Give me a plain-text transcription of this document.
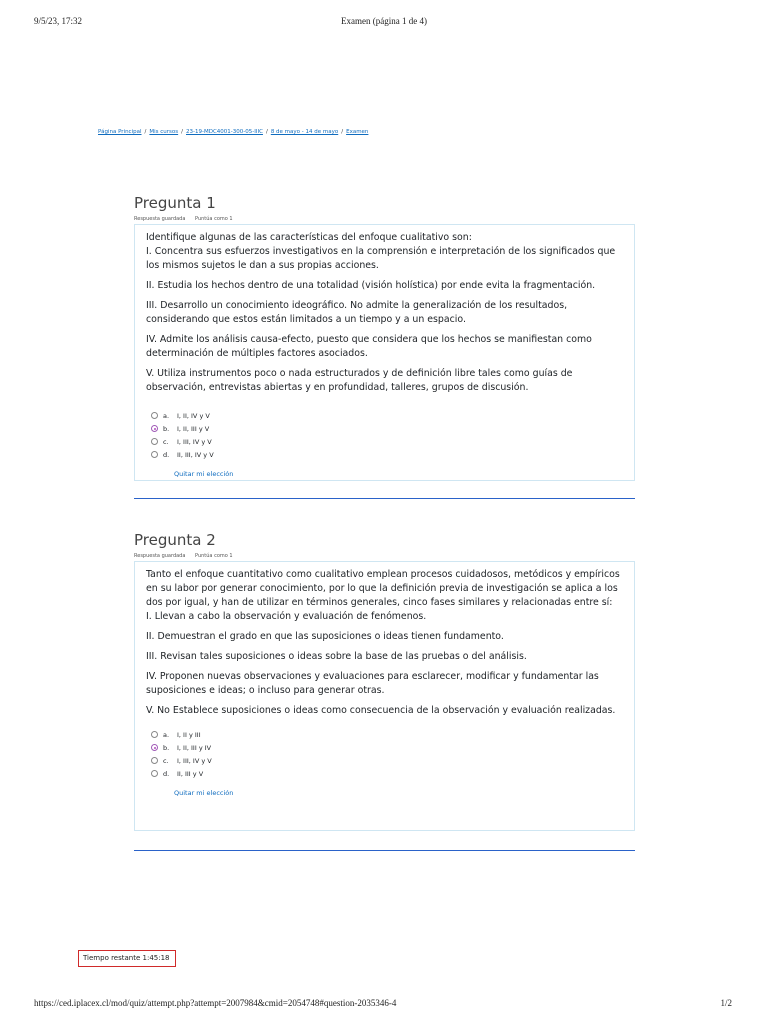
9/5/23, 17:32	Examen (página 1 de 4)
Página Principal / Mis cursos / 23-19-MDC4001-300-05-IIIC / 8 de mayo - 14 de mayo / Examen
Pregunta 1
Respuesta guardada Puntúa como 1

Identifique algunas de las características del enfoque cualitativo son:

I. Concentra sus esfuerzos investigativos en la comprensión e interpretación de los significados que los mismos sujetos le dan a sus propias acciones.

II. Estudia los hechos dentro de una totalidad (visión holística) por ende evita la fragmentación.

III. Desarrollo un conocimiento ideográfico. No admite la generalización de los resultados, considerando que estos están limitados a un tiempo y a un espacio.

IV. Admite los análisis causa-efecto, puesto que considera que los hechos se manifiestan como determinación de múltiples factores asociados.

V. Utiliza instrumentos poco o nada estructurados y de definición libre tales como guías de observación, entrevistas abiertas y en profundidad, talleres, grupos de discusión.

a.	I, II, IV y V
b.	I, II, III y V
c.	I, III, IV y V
d.	II, III, IV y V
Quitar mi elección
Pregunta 2
Respuesta guardada Puntúa como 1

Tanto el enfoque cuantitativo como cualitativo emplean procesos cuidadosos, metódicos y empíricos en su labor por generar conocimiento, por lo que la definición previa de investigación se aplica a los dos por igual, y han de utilizar en términos generales, cinco fases similares y relacionadas entre sí:

I. Llevan a cabo la observación y evaluación de fenómenos.

II. Demuestran el grado en que las suposiciones o ideas tienen fundamento.

III. Revisan tales suposiciones o ideas sobre la base de las pruebas o del análisis.

IV. Proponen nuevas observaciones y evaluaciones para esclarecer, modificar y fundamentar las suposiciones e ideas; o incluso para generar otras.

V. No Establece suposiciones o ideas como consecuencia de la observación y evaluación realizadas.

a.	I, II y III
b.	I, II, III y IV
c.	I, III, IV y V
d.	II, III y V
Quitar mi elección
Tiempo restante 1:45:18
https://ced.iplacex.cl/mod/quiz/attempt.php?attempt=2007984&cmid=2054748#question-2035346-4	1/2
